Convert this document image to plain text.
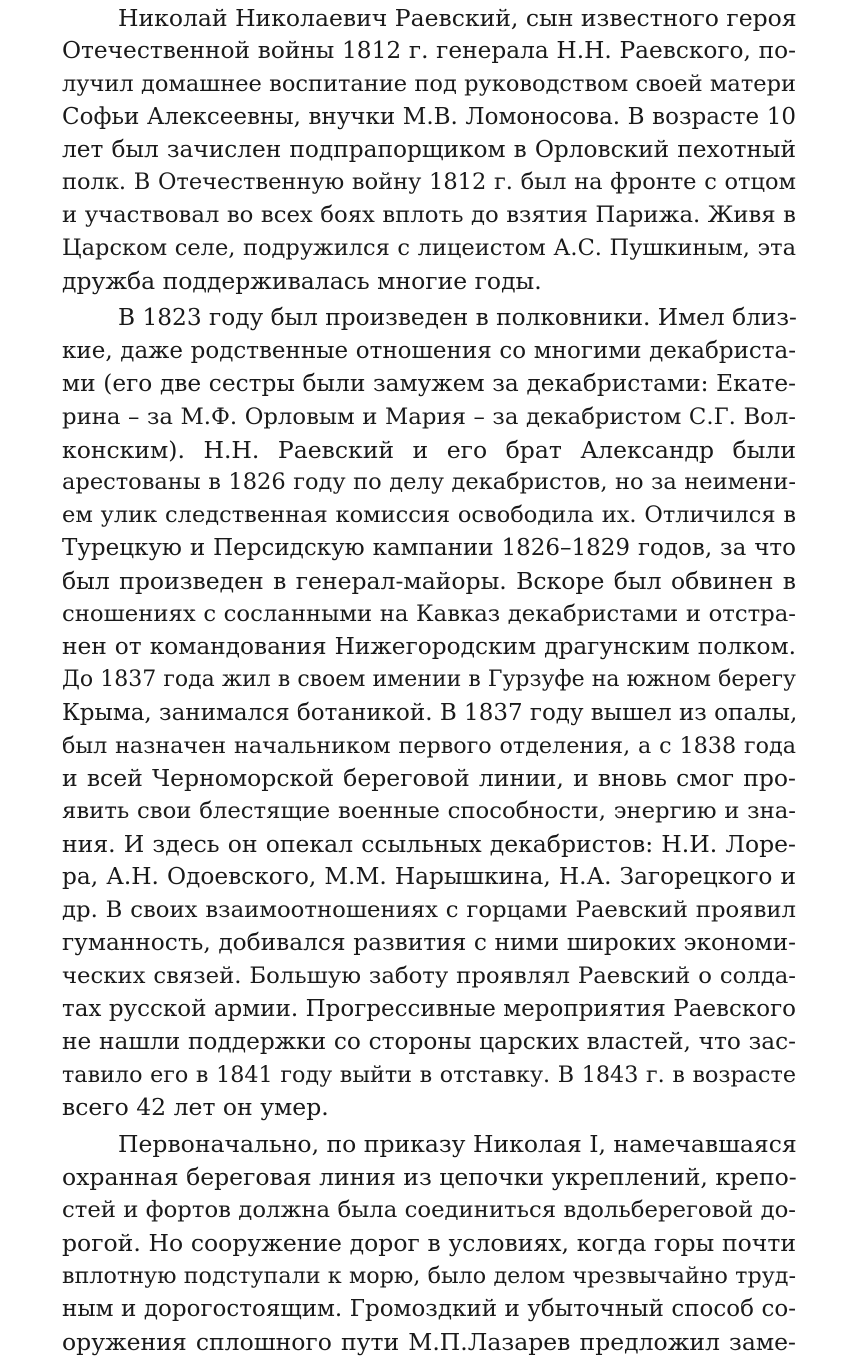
Николай Николаевич Раевский, сын известного героя
Отечественной войны 1812 г. генерала Н.Н. Раевского, по-
лучил домашнее воспитание под руководством своей матери
Софьи Алексеевны, внучки М.В. Ломоносова. В возрасте 10
лет был зачислен подпрапорщиком в Орловский пехотный
полк. В Отечественную войну 1812 г. был на фронте с отцом
и участвовал во всех боях вплоть до взятия Парижа. Живя в
Царском селе, подружился с лицеистом А.С. Пушкиным, эта
дружба поддерживалась многие годы.
В 1823 году был произведен в полковники. Имел близ-
кие, даже родственные отношения со многими декабриста-
ми (его две сестры были замужем за декабристами: Екате-
рина – за М.Ф. Орловым и Мария – за декабристом С.Г. Вол-
конским). Н.Н. Раевский и его брат Александр были
арестованы в 1826 году по делу декабристов, но за неимени-
ем улик следственная комиссия освободила их. Отличился в
Турецкую и Персидскую кампании 1826–1829 годов, за что
был произведен в генерал-майоры. Вскоре был обвинен в
сношениях с сосланными на Кавказ декабристами и отстра-
нен от командования Нижегородским драгунским полком.
До 1837 года жил в своем имении в Гурзуфе на южном берегу
Крыма, занимался ботаникой. В 1837 году вышел из опалы,
был назначен начальником первого отделения, а с 1838 года
и всей Черноморской береговой линии, и вновь смог про-
явить свои блестящие военные способности, энергию и зна-
ния. И здесь он опекал ссыльных декабристов: Н.И. Лоре-
ра, А.Н. Одоевского, М.М. Нарышкина, Н.А. Загорецкого и
др. В своих взаимоотношениях с горцами Раевский проявил
гуманность, добивался развития с ними широких экономи-
ческих связей. Большую заботу проявлял Раевский о солда-
тах русской армии. Прогрессивные мероприятия Раевского
не нашли поддержки со стороны царских властей, что зас-
тавило его в 1841 году выйти в отставку. В 1843 г. в возрасте
всего 42 лет он умер.
Первоначально, по приказу Николая I, намечавшаяся
охранная береговая линия из цепочки укреплений, крепо-
стей и фортов должна была соединиться вдольбереговой до-
рогой. Но сооружение дорог в условиях, когда горы почти
вплотную подступали к морю, было делом чрезвычайно труд-
ным и дорогостоящим. Громоздкий и убыточный способ со-
оружения сплошного пути М.П.Лазарев предложил заме-
